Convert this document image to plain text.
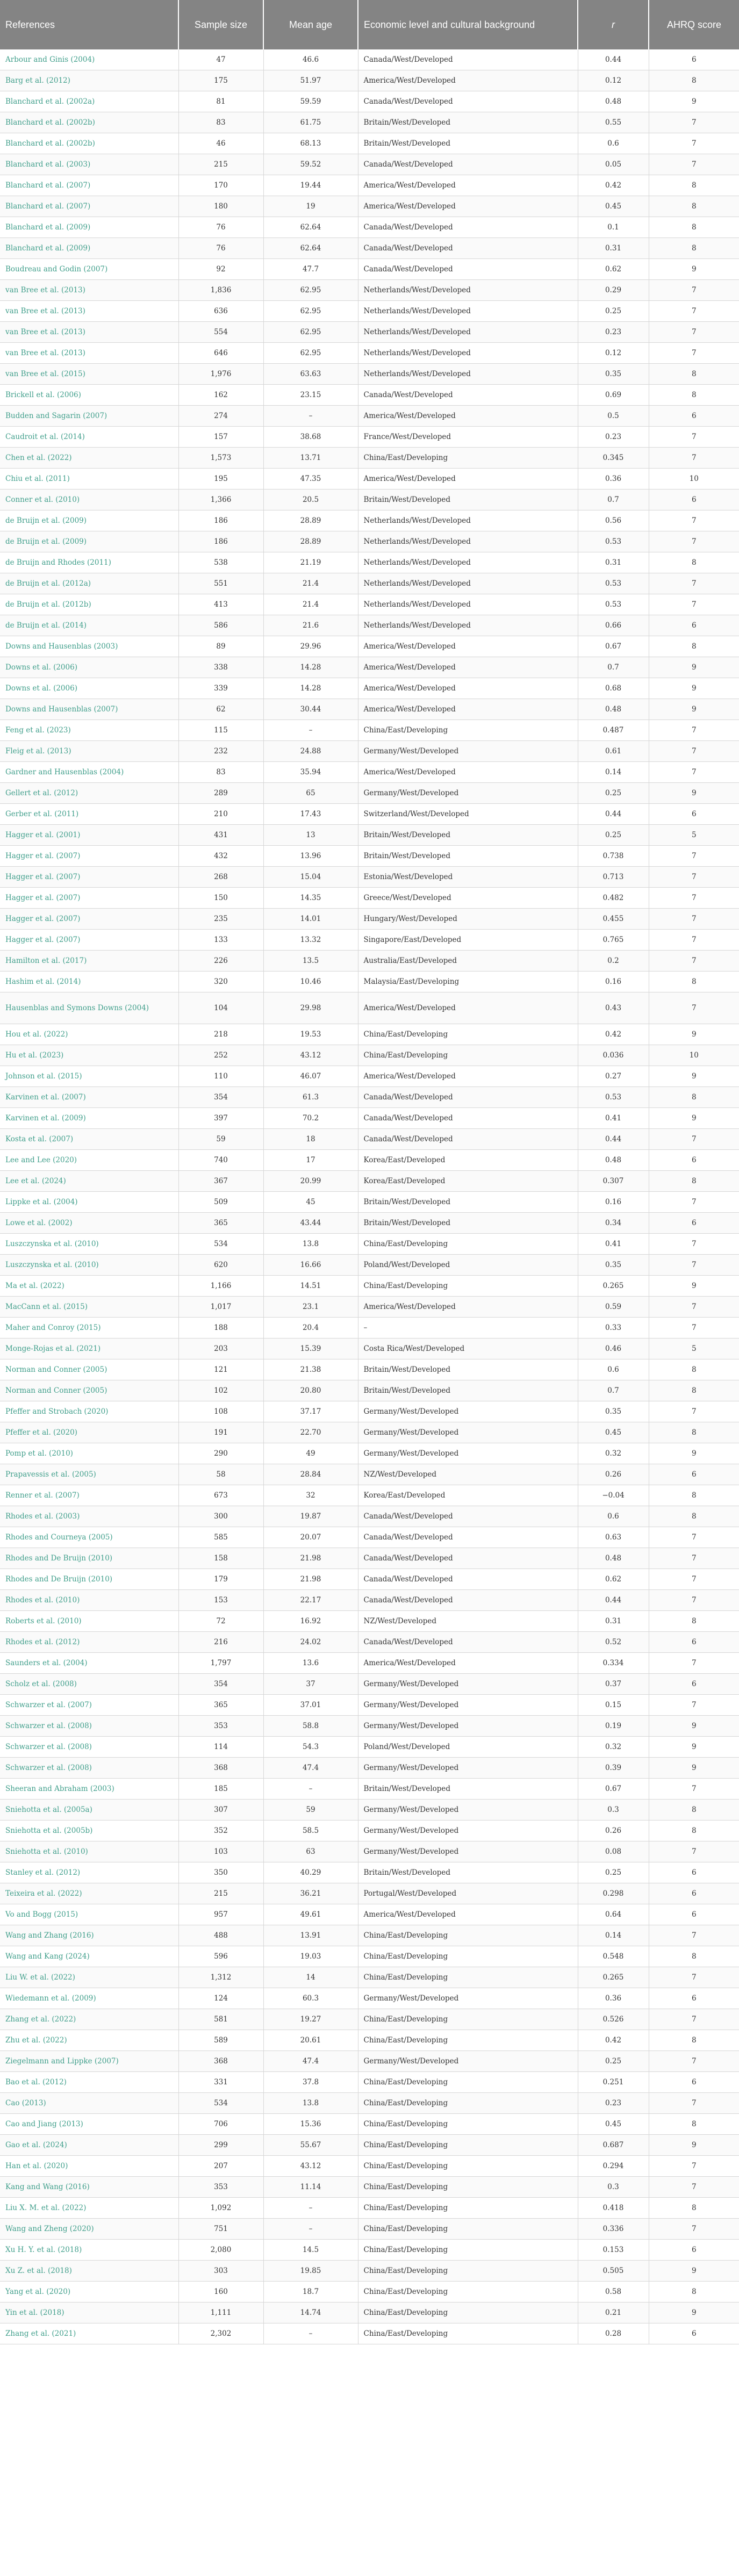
References	Sample size	Mean age	Economic level and cultural background	r	AHRQ score
Arbour and Ginis (2004)	47	46.6	Canada/West/Developed	0.44	6
Barg et al. (2012)	175	51.97	America/West/Developed	0.12	8
Blanchard et al. (2002a)	81	59.59	Canada/West/Developed	0.48	9
Blanchard et al. (2002b)	83	61.75	Britain/West/Developed	0.55	7
Blanchard et al. (2002b)	46	68.13	Britain/West/Developed	0.6	7
Blanchard et al. (2003)	215	59.52	Canada/West/Developed	0.05	7
Blanchard et al. (2007)	170	19.44	America/West/Developed	0.42	8
Blanchard et al. (2007)	180	19	America/West/Developed	0.45	8
Blanchard et al. (2009)	76	62.64	Canada/West/Developed	0.1	8
Blanchard et al. (2009)	76	62.64	Canada/West/Developed	0.31	8
Boudreau and Godin (2007)	92	47.7	Canada/West/Developed	0.62	9
van Bree et al. (2013)	1,836	62.95	Netherlands/West/Developed	0.29	7
van Bree et al. (2013)	636	62.95	Netherlands/West/Developed	0.25	7
van Bree et al. (2013)	554	62.95	Netherlands/West/Developed	0.23	7
van Bree et al. (2013)	646	62.95	Netherlands/West/Developed	0.12	7
van Bree et al. (2015)	1,976	63.63	Netherlands/West/Developed	0.35	8
Brickell et al. (2006)	162	23.15	Canada/West/Developed	0.69	8
Budden and Sagarin (2007)	274	–	America/West/Developed	0.5	6
Caudroit et al. (2014)	157	38.68	France/West/Developed	0.23	7
Chen et al. (2022)	1,573	13.71	China/East/Developing	0.345	7
Chiu et al. (2011)	195	47.35	America/West/Developed	0.36	10
Conner et al. (2010)	1,366	20.5	Britain/West/Developed	0.7	6
de Bruijn et al. (2009)	186	28.89	Netherlands/West/Developed	0.56	7
de Bruijn et al. (2009)	186	28.89	Netherlands/West/Developed	0.53	7
de Bruijn and Rhodes (2011)	538	21.19	Netherlands/West/Developed	0.31	8
de Bruijn et al. (2012a)	551	21.4	Netherlands/West/Developed	0.53	7
de Bruijn et al. (2012b)	413	21.4	Netherlands/West/Developed	0.53	7
de Bruijn et al. (2014)	586	21.6	Netherlands/West/Developed	0.66	6
Downs and Hausenblas (2003)	89	29.96	America/West/Developed	0.67	8
Downs et al. (2006)	338	14.28	America/West/Developed	0.7	9
Downs et al. (2006)	339	14.28	America/West/Developed	0.68	9
Downs and Hausenblas (2007)	62	30.44	America/West/Developed	0.48	9
Feng et al. (2023)	115	–	China/East/Developing	0.487	7
Fleig et al. (2013)	232	24.88	Germany/West/Developed	0.61	7
Gardner and Hausenblas (2004)	83	35.94	America/West/Developed	0.14	7
Gellert et al. (2012)	289	65	Germany/West/Developed	0.25	9
Gerber et al. (2011)	210	17.43	Switzerland/West/Developed	0.44	6
Hagger et al. (2001)	431	13	Britain/West/Developed	0.25	5
Hagger et al. (2007)	432	13.96	Britain/West/Developed	0.738	7
Hagger et al. (2007)	268	15.04	Estonia/West/Developed	0.713	7
Hagger et al. (2007)	150	14.35	Greece/West/Developed	0.482	7
Hagger et al. (2007)	235	14.01	Hungary/West/Developed	0.455	7
Hagger et al. (2007)	133	13.32	Singapore/East/Developed	0.765	7
Hamilton et al. (2017)	226	13.5	Australia/East/Developed	0.2	7
Hashim et al. (2014)	320	10.46	Malaysia/East/Developing	0.16	8
Hausenblas and Symons Downs (2004)	104	29.98	America/West/Developed	0.43	7
Hou et al. (2022)	218	19.53	China/East/Developing	0.42	9
Hu et al. (2023)	252	43.12	China/East/Developing	0.036	10
Johnson et al. (2015)	110	46.07	America/West/Developed	0.27	9
Karvinen et al. (2007)	354	61.3	Canada/West/Developed	0.53	8
Karvinen et al. (2009)	397	70.2	Canada/West/Developed	0.41	9
Kosta et al. (2007)	59	18	Canada/West/Developed	0.44	7
Lee and Lee (2020)	740	17	Korea/East/Developed	0.48	6
Lee et al. (2024)	367	20.99	Korea/East/Developed	0.307	8
Lippke et al. (2004)	509	45	Britain/West/Developed	0.16	7
Lowe et al. (2002)	365	43.44	Britain/West/Developed	0.34	6
Luszczynska et al. (2010)	534	13.8	China/East/Developing	0.41	7
Luszczynska et al. (2010)	620	16.66	Poland/West/Developed	0.35	7
Ma et al. (2022)	1,166	14.51	China/East/Developing	0.265	9
MacCann et al. (2015)	1,017	23.1	America/West/Developed	0.59	7
Maher and Conroy (2015)	188	20.4	–	0.33	7
Monge-Rojas et al. (2021)	203	15.39	Costa Rica/West/Developed	0.46	5
Norman and Conner (2005)	121	21.38	Britain/West/Developed	0.6	8
Norman and Conner (2005)	102	20.80	Britain/West/Developed	0.7	8
Pfeffer and Strobach (2020)	108	37.17	Germany/West/Developed	0.35	7
Pfeffer et al. (2020)	191	22.70	Germany/West/Developed	0.45	8
Pomp et al. (2010)	290	49	Germany/West/Developed	0.32	9
Prapavessis et al. (2005)	58	28.84	NZ/West/Developed	0.26	6
Renner et al. (2007)	673	32	Korea/East/Developed	−0.04	8
Rhodes et al. (2003)	300	19.87	Canada/West/Developed	0.6	8
Rhodes and Courneya (2005)	585	20.07	Canada/West/Developed	0.63	7
Rhodes and De Bruijn (2010)	158	21.98	Canada/West/Developed	0.48	7
Rhodes and De Bruijn (2010)	179	21.98	Canada/West/Developed	0.62	7
Rhodes et al. (2010)	153	22.17	Canada/West/Developed	0.44	7
Roberts et al. (2010)	72	16.92	NZ/West/Developed	0.31	8
Rhodes et al. (2012)	216	24.02	Canada/West/Developed	0.52	6
Saunders et al. (2004)	1,797	13.6	America/West/Developed	0.334	7
Scholz et al. (2008)	354	37	Germany/West/Developed	0.37	6
Schwarzer et al. (2007)	365	37.01	Germany/West/Developed	0.15	7
Schwarzer et al. (2008)	353	58.8	Germany/West/Developed	0.19	9
Schwarzer et al. (2008)	114	54.3	Poland/West/Developed	0.32	9
Schwarzer et al. (2008)	368	47.4	Germany/West/Developed	0.39	9
Sheeran and Abraham (2003)	185	–	Britain/West/Developed	0.67	7
Sniehotta et al. (2005a)	307	59	Germany/West/Developed	0.3	8
Sniehotta et al. (2005b)	352	58.5	Germany/West/Developed	0.26	8
Sniehotta et al. (2010)	103	63	Germany/West/Developed	0.08	7
Stanley et al. (2012)	350	40.29	Britain/West/Developed	0.25	6
Teixeira et al. (2022)	215	36.21	Portugal/West/Developed	0.298	6
Vo and Bogg (2015)	957	49.61	America/West/Developed	0.64	6
Wang and Zhang (2016)	488	13.91	China/East/Developing	0.14	7
Wang and Kang (2024)	596	19.03	China/East/Developing	0.548	8
Liu W. et al. (2022)	1,312	14	China/East/Developing	0.265	7
Wiedemann et al. (2009)	124	60.3	Germany/West/Developed	0.36	6
Zhang et al. (2022)	581	19.27	China/East/Developing	0.526	7
Zhu et al. (2022)	589	20.61	China/East/Developing	0.42	8
Ziegelmann and Lippke (2007)	368	47.4	Germany/West/Developed	0.25	7
Bao et al. (2012)	331	37.8	China/East/Developing	0.251	6
Cao (2013)	534	13.8	China/East/Developing	0.23	7
Cao and Jiang (2013)	706	15.36	China/East/Developing	0.45	8
Gao et al. (2024)	299	55.67	China/East/Developing	0.687	9
Han et al. (2020)	207	43.12	China/East/Developing	0.294	7
Kang and Wang (2016)	353	11.14	China/East/Developing	0.3	7
Liu X. M. et al. (2022)	1,092	–	China/East/Developing	0.418	8
Wang and Zheng (2020)	751	–	China/East/Developing	0.336	7
Xu H. Y. et al. (2018)	2,080	14.5	China/East/Developing	0.153	6
Xu Z. et al. (2018)	303	19.85	China/East/Developing	0.505	9
Yang et al. (2020)	160	18.7	China/East/Developing	0.58	8
Yin et al. (2018)	1,111	14.74	China/East/Developing	0.21	9
Zhang et al. (2021)	2,302	–	China/East/Developing	0.28	6
